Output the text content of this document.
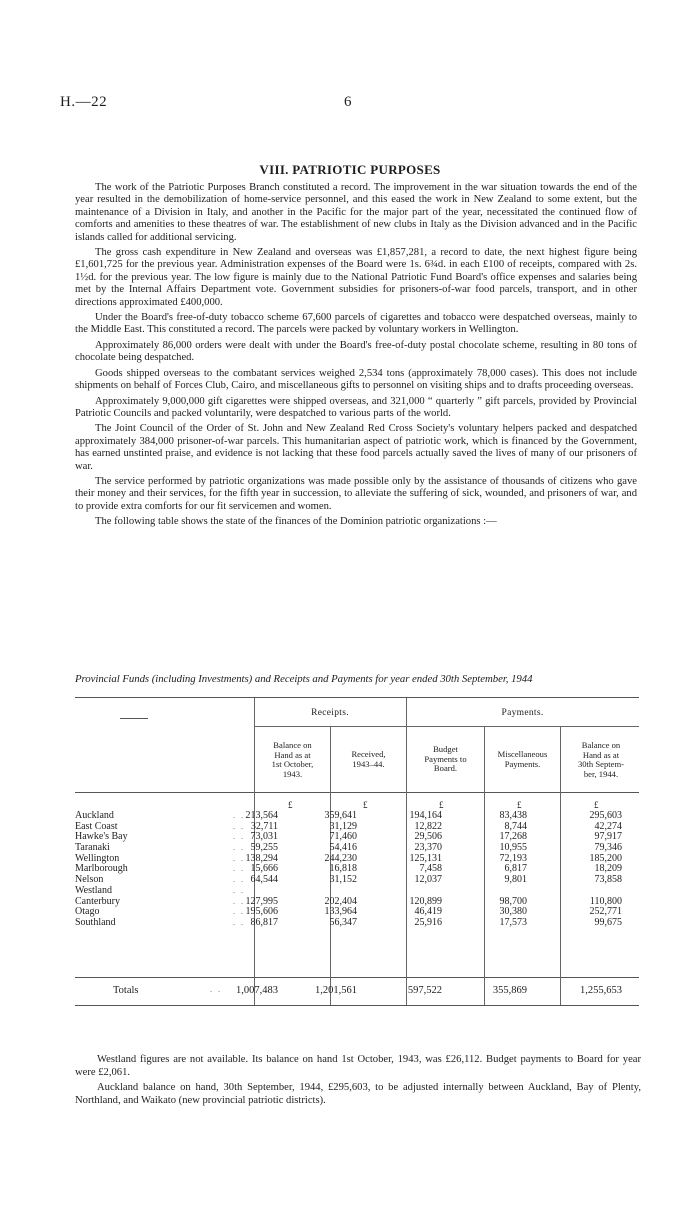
H.—22	6
VIII. PATRIOTIC PURPOSES

The work of the Patriotic Purposes Branch constituted a record. The improvement in the war situation towards the end of the year resulted in the demobilization of home-service personnel, and this eased the work in New Zealand to some extent, but the maintenance of a Division in Italy, and another in the Pacific for the major part of the year, necessitated the continued flow of comforts and amenities to these theatres of war. The establishment of new clubs in Italy as the Division advanced and in the Pacific islands called for additional servicing.

The gross cash expenditure in New Zealand and overseas was £1,857,281, a record to date, the next highest figure being £1,601,725 for the previous year. Administration expenses of the Board were 1s. 6¾d. in each £100 of receipts, compared with 2s. 1½d. for the previous year. The low figure is mainly due to the National Patriotic Fund Board's office expenses and salaries being met by the Internal Affairs Department vote. Government subsidies for prisoners-of-war food parcels, transport, and in other directions approximated £400,000.

Under the Board's free-of-duty tobacco scheme 67,600 parcels of cigarettes and tobacco were despatched overseas, mainly to the Middle East. This constituted a record. The parcels were packed by voluntary workers in Wellington.

Approximately 86,000 orders were dealt with under the Board's free-of-duty postal chocolate scheme, resulting in 80 tons of chocolate being despatched.

Goods shipped overseas to the combatant services weighed 2,534 tons (approximately 78,000 cases). This does not include shipments on behalf of Forces Club, Cairo, and miscellaneous gifts to personnel on visiting ships and to drafts proceeding overseas.

Approximately 9,000,000 gift cigarettes were shipped overseas, and 321,000 “ quarterly ” gift parcels, provided by Provincial Patriotic Councils and packed voluntarily, were despatched to various parts of the world.

The Joint Council of the Order of St. John and New Zealand Red Cross Society's voluntary helpers packed and despatched approximately 384,000 prisoner-of-war parcels. This humanitarian aspect of patriotic work, which is financed by the Government, has earned unstinted praise, and evidence is not lacking that these food parcels actually saved the lives of many of our prisoners of war.

The service performed by patriotic organizations was made possible only by the assistance of thousands of citizens who gave their money and their services, for the fifth year in succession, to alleviate the suffering of sick, wounded, and prisoners of war, and to provide extra comforts for our fit servicemen and women.

The following table shows the state of the finances of the Dominion patriotic organizations :—

Provincial Funds (including Investments) and Receipts and Payments for year ended 30th September, 1944
Receipts.	Payments.
Balance on
Hand as at
1st October,
1943.
Received,
1943–44.
Budget
Payments to
Board.
Miscellaneous
Payments.
Balance on
Hand as at
30th Septem-
ber, 1944.
£	£	£	£	£
Auckland	. . 213,564	359,641	194,164	83,438	295,603
East Coast	. . 32,711	31,129	12,822	8,744	42,274
Hawke's Bay	. . 73,031	71,460	29,506	17,268	97,917
Taranaki	. . 59,255	54,416	23,370	10,955	79,346
Wellington	. . 138,294	244,230	125,131	72,193	185,200
Marlborough	. . 15,666	16,818	7,458	6,817	18,209
Nelson	. . 64,544	31,152	12,037	9,801	73,858
Westland	. .
Canterbury	. . 127,995	202,404	120,899	98,700	110,800
Otago	. . 195,606	133,964	46,419	30,380	252,771
Southland	. . 86,817	56,347	25,916	17,573	99,675
Totals	. . 1,007,483	1,201,561	597,522	355,869	1,255,653

Westland figures are not available. Its balance on hand 1st October, 1943, was £26,112. Budget payments to Board for year were £2,061.

Auckland balance on hand, 30th September, 1944, £295,603, to be adjusted internally between Auckland, Bay of Plenty, Northland, and Waikato (new provincial patriotic districts).
